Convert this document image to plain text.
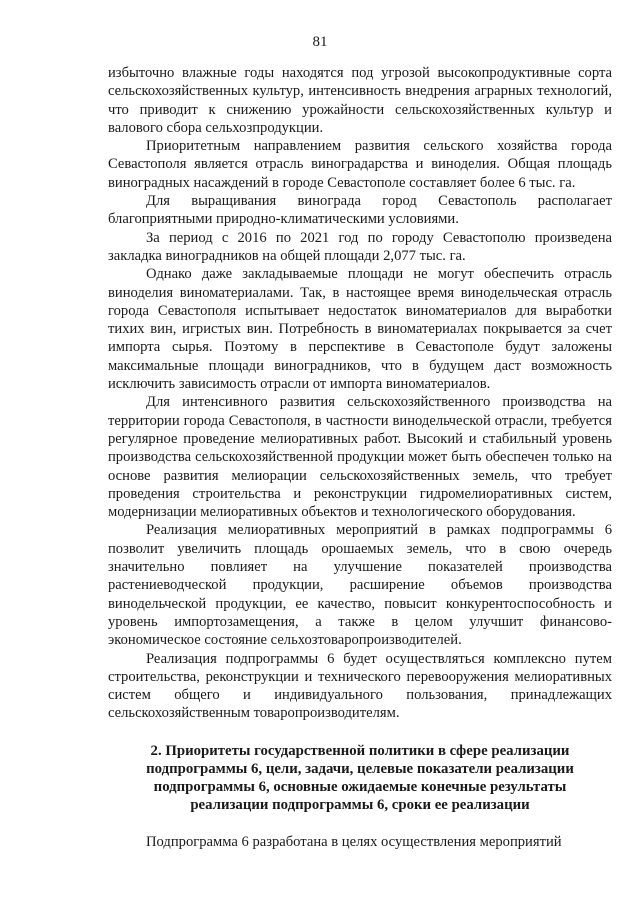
81

избыточно влажные годы находятся под угрозой высокопродуктивные сорта сельскохозяйственных культур, интенсивность внедрения аграрных технологий, что приводит к снижению урожайности сельскохозяйственных культур и валового сбора сельхозпродукции.

Приоритетным направлением развития сельского хозяйства города Севастополя является отрасль виноградарства и виноделия. Общая площадь виноградных насаждений в городе Севастополе составляет более 6 тыс. га.

Для выращивания винограда город Севастополь располагает благоприятными природно-климатическими условиями.

За период с 2016 по 2021 год по городу Севастополю произведена закладка виноградников на общей площади 2,077 тыс. га.

Однако даже закладываемые площади не могут обеспечить отрасль виноделия виноматериалами. Так, в настоящее время винодельческая отрасль города Севастополя испытывает недостаток виноматериалов для выработки тихих вин, игристых вин. Потребность в виноматериалах покрывается за счет импорта сырья. Поэтому в перспективе в Севастополе будут заложены максимальные площади виноградников, что в будущем даст возможность исключить зависимость отрасли от импорта виноматериалов.

Для интенсивного развития сельскохозяйственного производства на территории города Севастополя, в частности винодельческой отрасли, требуется регулярное проведение мелиоративных работ. Высокий и стабильный уровень производства сельскохозяйственной продукции может быть обеспечен только на основе развития мелиорации сельскохозяйственных земель, что требует проведения строительства и реконструкции гидромелиоративных систем, модернизации мелиоративных объектов и технологического оборудования.

Реализация мелиоративных мероприятий в рамках подпрограммы 6 позволит увеличить площадь орошаемых земель, что в свою очередь значительно повлияет на улучшение показателей производства растениеводческой продукции, расширение объемов производства винодельческой продукции, ее качество, повысит конкурентоспособность и уровень импортозамещения, а также в целом улучшит финансово-экономическое состояние сельхозтоваропроизводителей.

Реализация подпрограммы 6 будет осуществляться комплексно путем строительства, реконструкции и технического перевооружения мелиоративных систем общего и индивидуального пользования, принадлежащих сельскохозяйственным товаропроизводителям.

2. Приоритеты государственной политики в сфере реализации
подпрограммы 6, цели, задачи, целевые показатели реализации
подпрограммы 6, основные ожидаемые конечные результаты
реализации подпрограммы 6, сроки ее реализации

Подпрограмма 6 разработана в целях осуществления мероприятий
